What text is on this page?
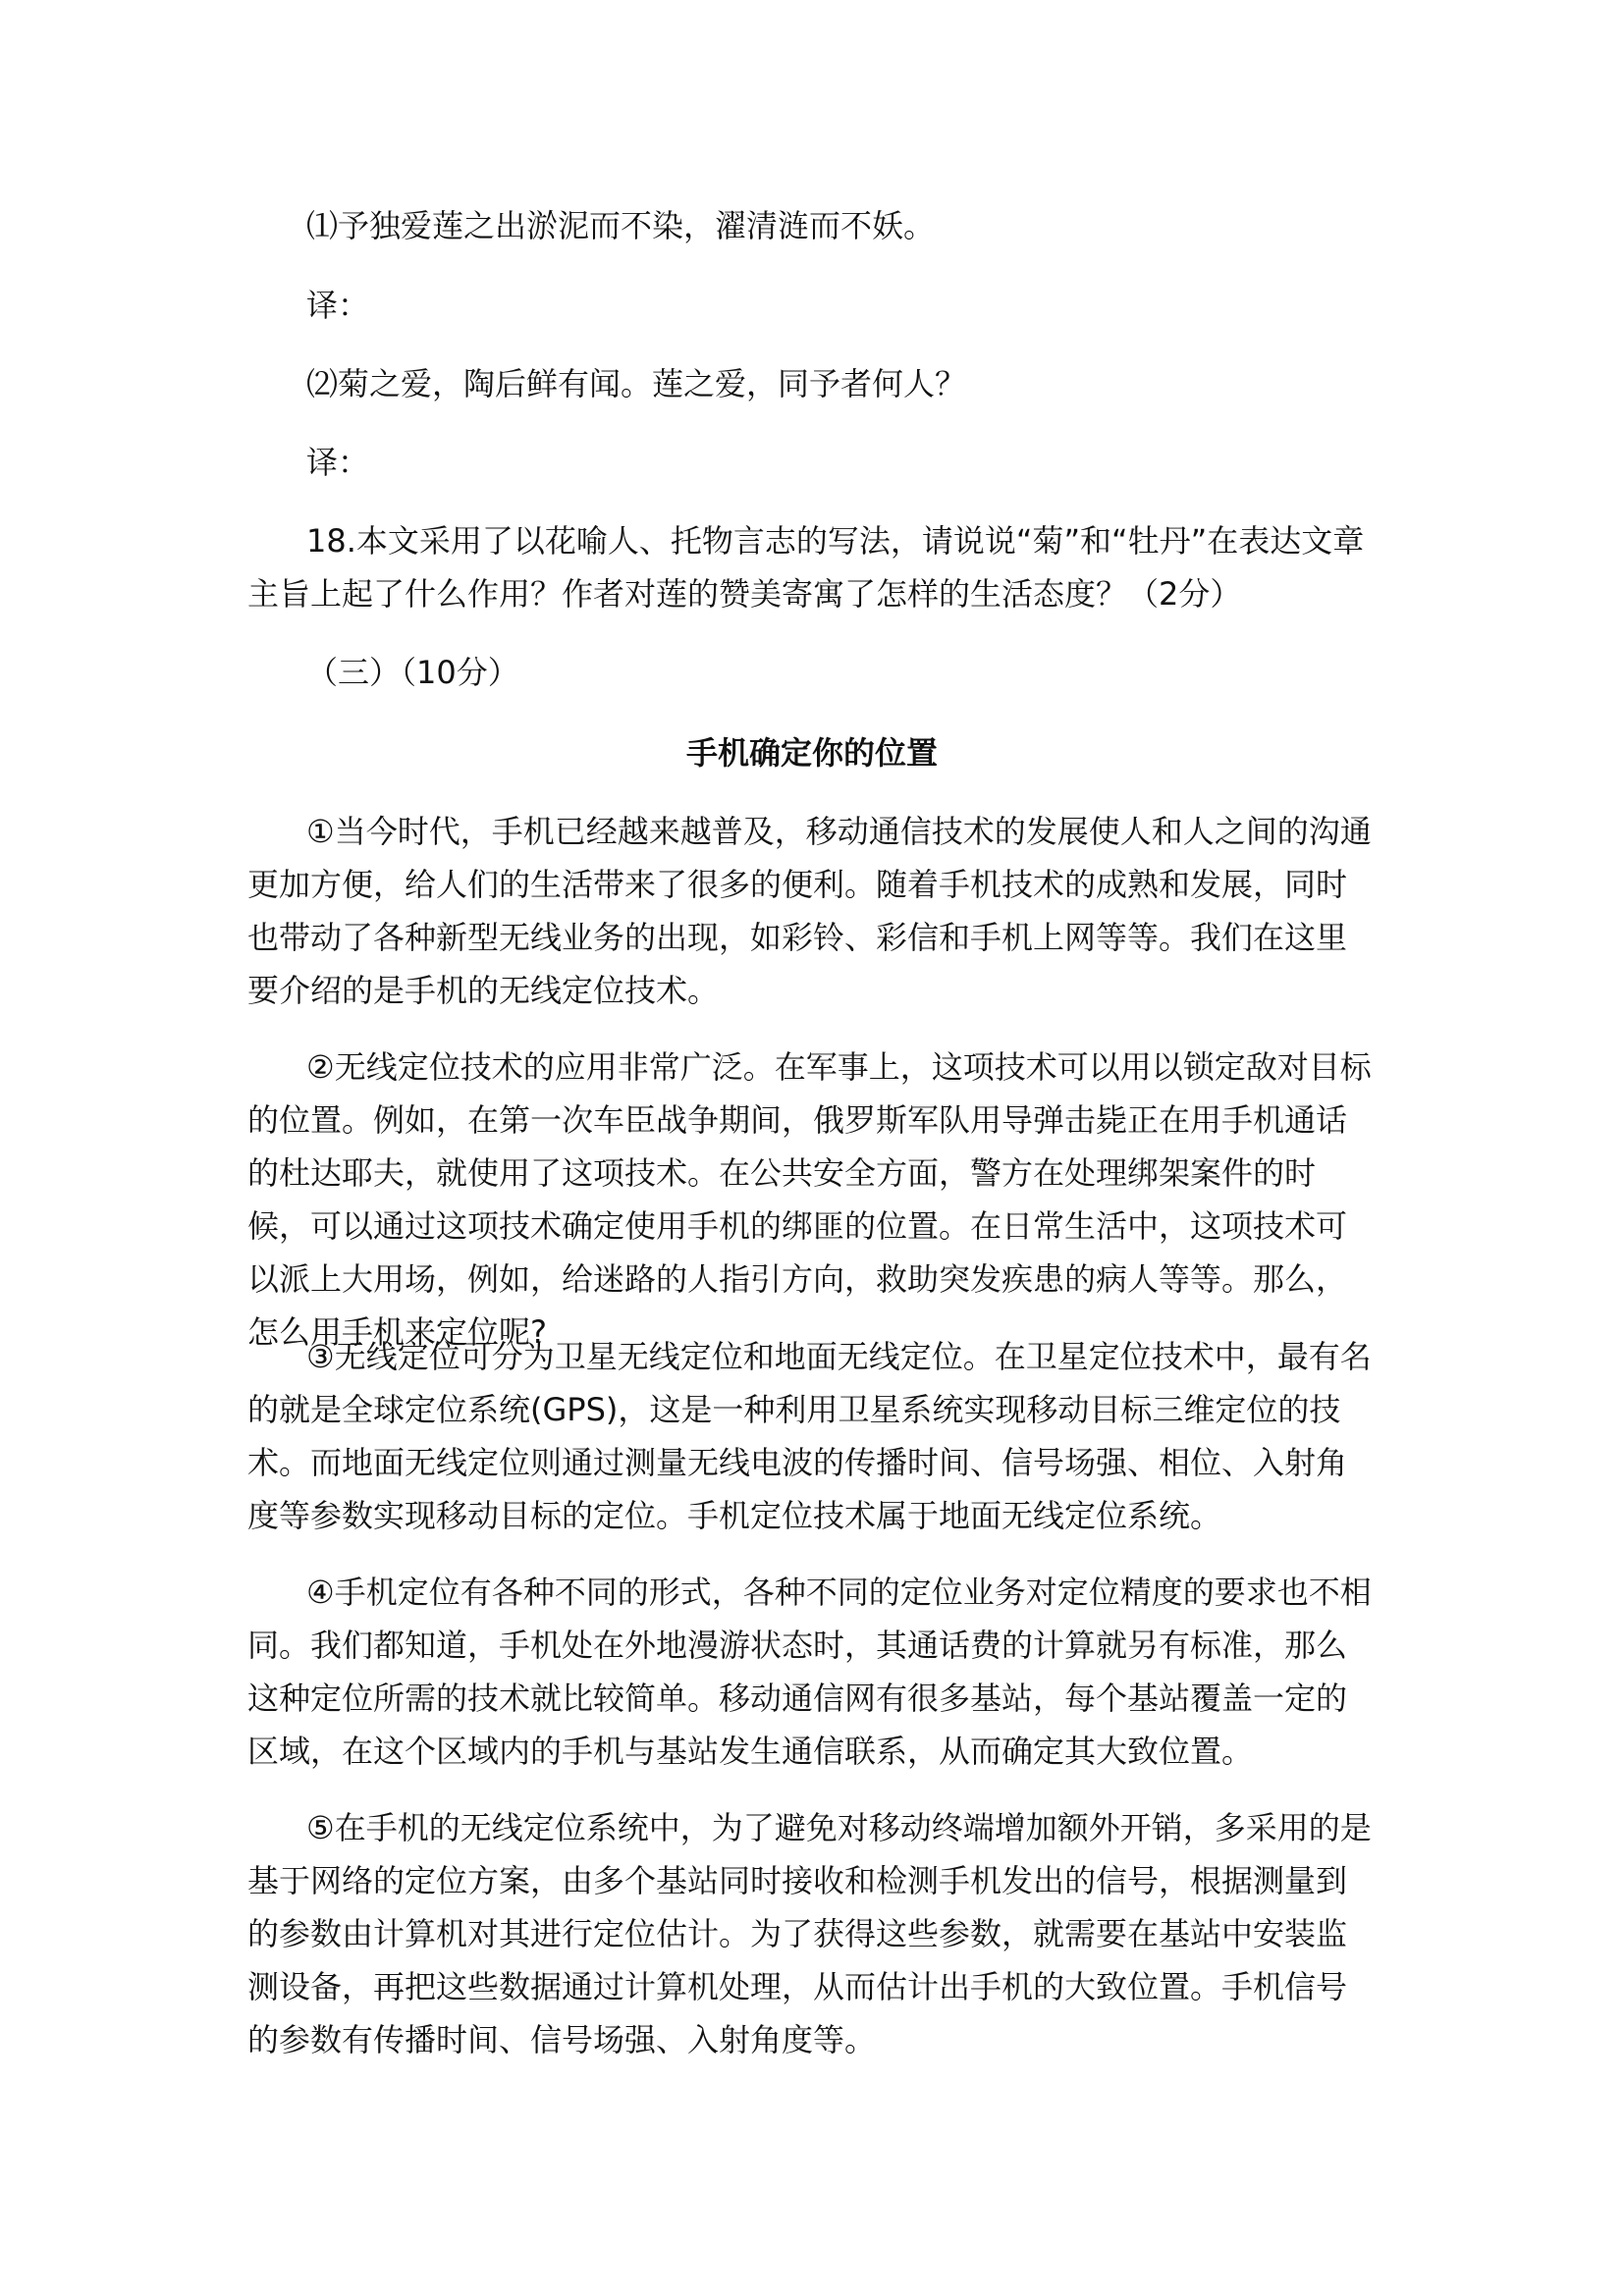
⑴予独爱莲之出淤泥而不染，濯清涟而不妖。

译：

⑵菊之爱，陶后鲜有闻。莲之爱，同予者何人？

译：

18.本文采用了以花喻人、托物言志的写法，请说说“菊”和“牡丹”在表达文章

主旨上起了什么作用？作者对莲的赞美寄寓了怎样的生活态度？（2分）

（三）（10分）

手机确定你的位置

①当今时代，手机已经越来越普及，移动通信技术的发展使人和人之间的沟通更加方便，给人们的生活带来了很多的便利。随着手机技术的成熟和发展，同时也带动了各种新型无线业务的出现，如彩铃、彩信和手机上网等等。我们在这里要介绍的是手机的无线定位技术。

②无线定位技术的应用非常广泛。在军事上，这项技术可以用以锁定敌对目标的位置。例如，在第一次车臣战争期间，俄罗斯军队用导弹击毙正在用手机通话的杜达耶夫，就使用了这项技术。在公共安全方面，警方在处理绑架案件的时候，可以通过这项技术确定使用手机的绑匪的位置。在日常生活中，这项技术可以派上大用场，例如，给迷路的人指引方向，救助突发疾患的病人等等。那么，怎么用手机来定位呢?

③无线定位可分为卫星无线定位和地面无线定位。在卫星定位技术中，最有名的就是全球定位系统(GPS)，这是一种利用卫星系统实现移动目标三维定位的技术。而地面无线定位则通过测量无线电波的传播时间、信号场强、相位、入射角度等参数实现移动目标的定位。手机定位技术属于地面无线定位系统。

④手机定位有各种不同的形式，各种不同的定位业务对定位精度的要求也不相同。我们都知道，手机处在外地漫游状态时，其通话费的计算就另有标准，那么这种定位所需的技术就比较简单。移动通信网有很多基站，每个基站覆盖一定的区域，在这个区域内的手机与基站发生通信联系，从而确定其大致位置。

⑤在手机的无线定位系统中，为了避免对移动终端增加额外开销，多采用的是基于网络的定位方案，由多个基站同时接收和检测手机发出的信号，根据测量到的参数由计算机对其进行定位估计。为了获得这些参数，就需要在基站中安装监测设备，再把这些数据通过计算机处理，从而估计出手机的大致位置。手机信号的参数有传播时间、信号场强、入射角度等。
